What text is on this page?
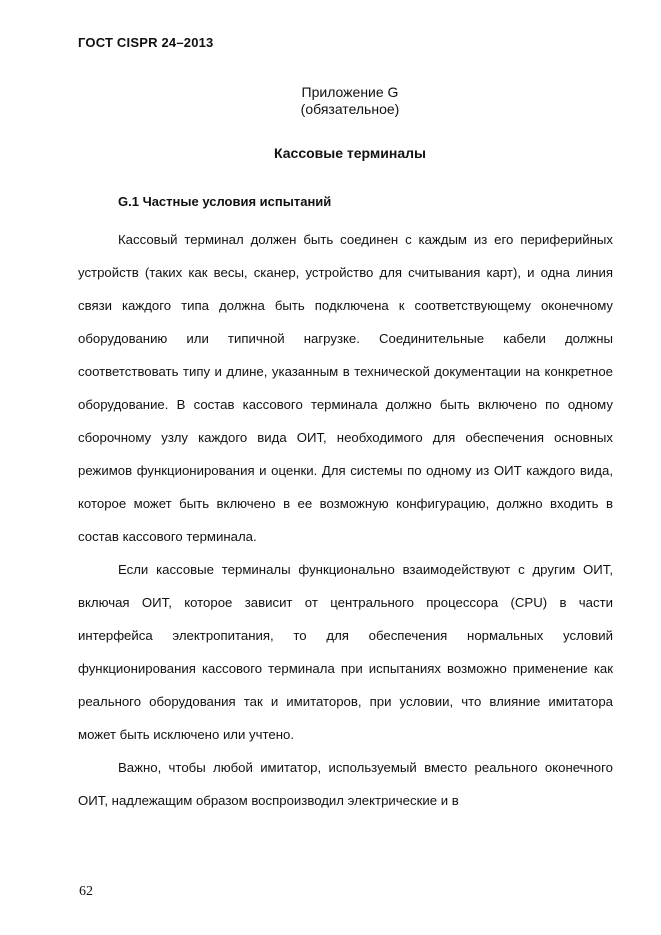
ГОСТ CISPR 24–2013
Приложение G
(обязательное)
Кассовые терминалы
G.1 Частные условия испытаний

Кассовый терминал должен быть соединен с каждым из его периферийных устройств (таких как весы, сканер, устройство для считывания карт), и одна линия связи каждого типа должна быть подключена к соответствующему оконечному оборудованию или типичной нагрузке. Соединительные кабели должны соответствовать типу и длине, указанным в технической документации на конкретное оборудование. В состав кассового терминала должно быть включено по одному сборочному узлу каждого вида ОИТ, необходимого для обеспечения основных режимов функционирования и оценки. Для системы по одному из ОИТ каждого вида, которое может быть включено в ее возможную конфигурацию, должно входить в состав кассового терминала.

Если кассовые терминалы функционально взаимодействуют с другим ОИТ, включая ОИТ, которое зависит от центрального процессора (CPU) в части интерфейса электропитания, то для обеспечения нормальных условий функционирования кассового терминала при испытаниях возможно применение как реального оборудования так и имитаторов, при условии, что влияние имитатора может быть исключено или учтено.

Важно, чтобы любой имитатор, используемый вместо реального оконечного ОИТ, надлежащим образом воспроизводил электрические и в

62
